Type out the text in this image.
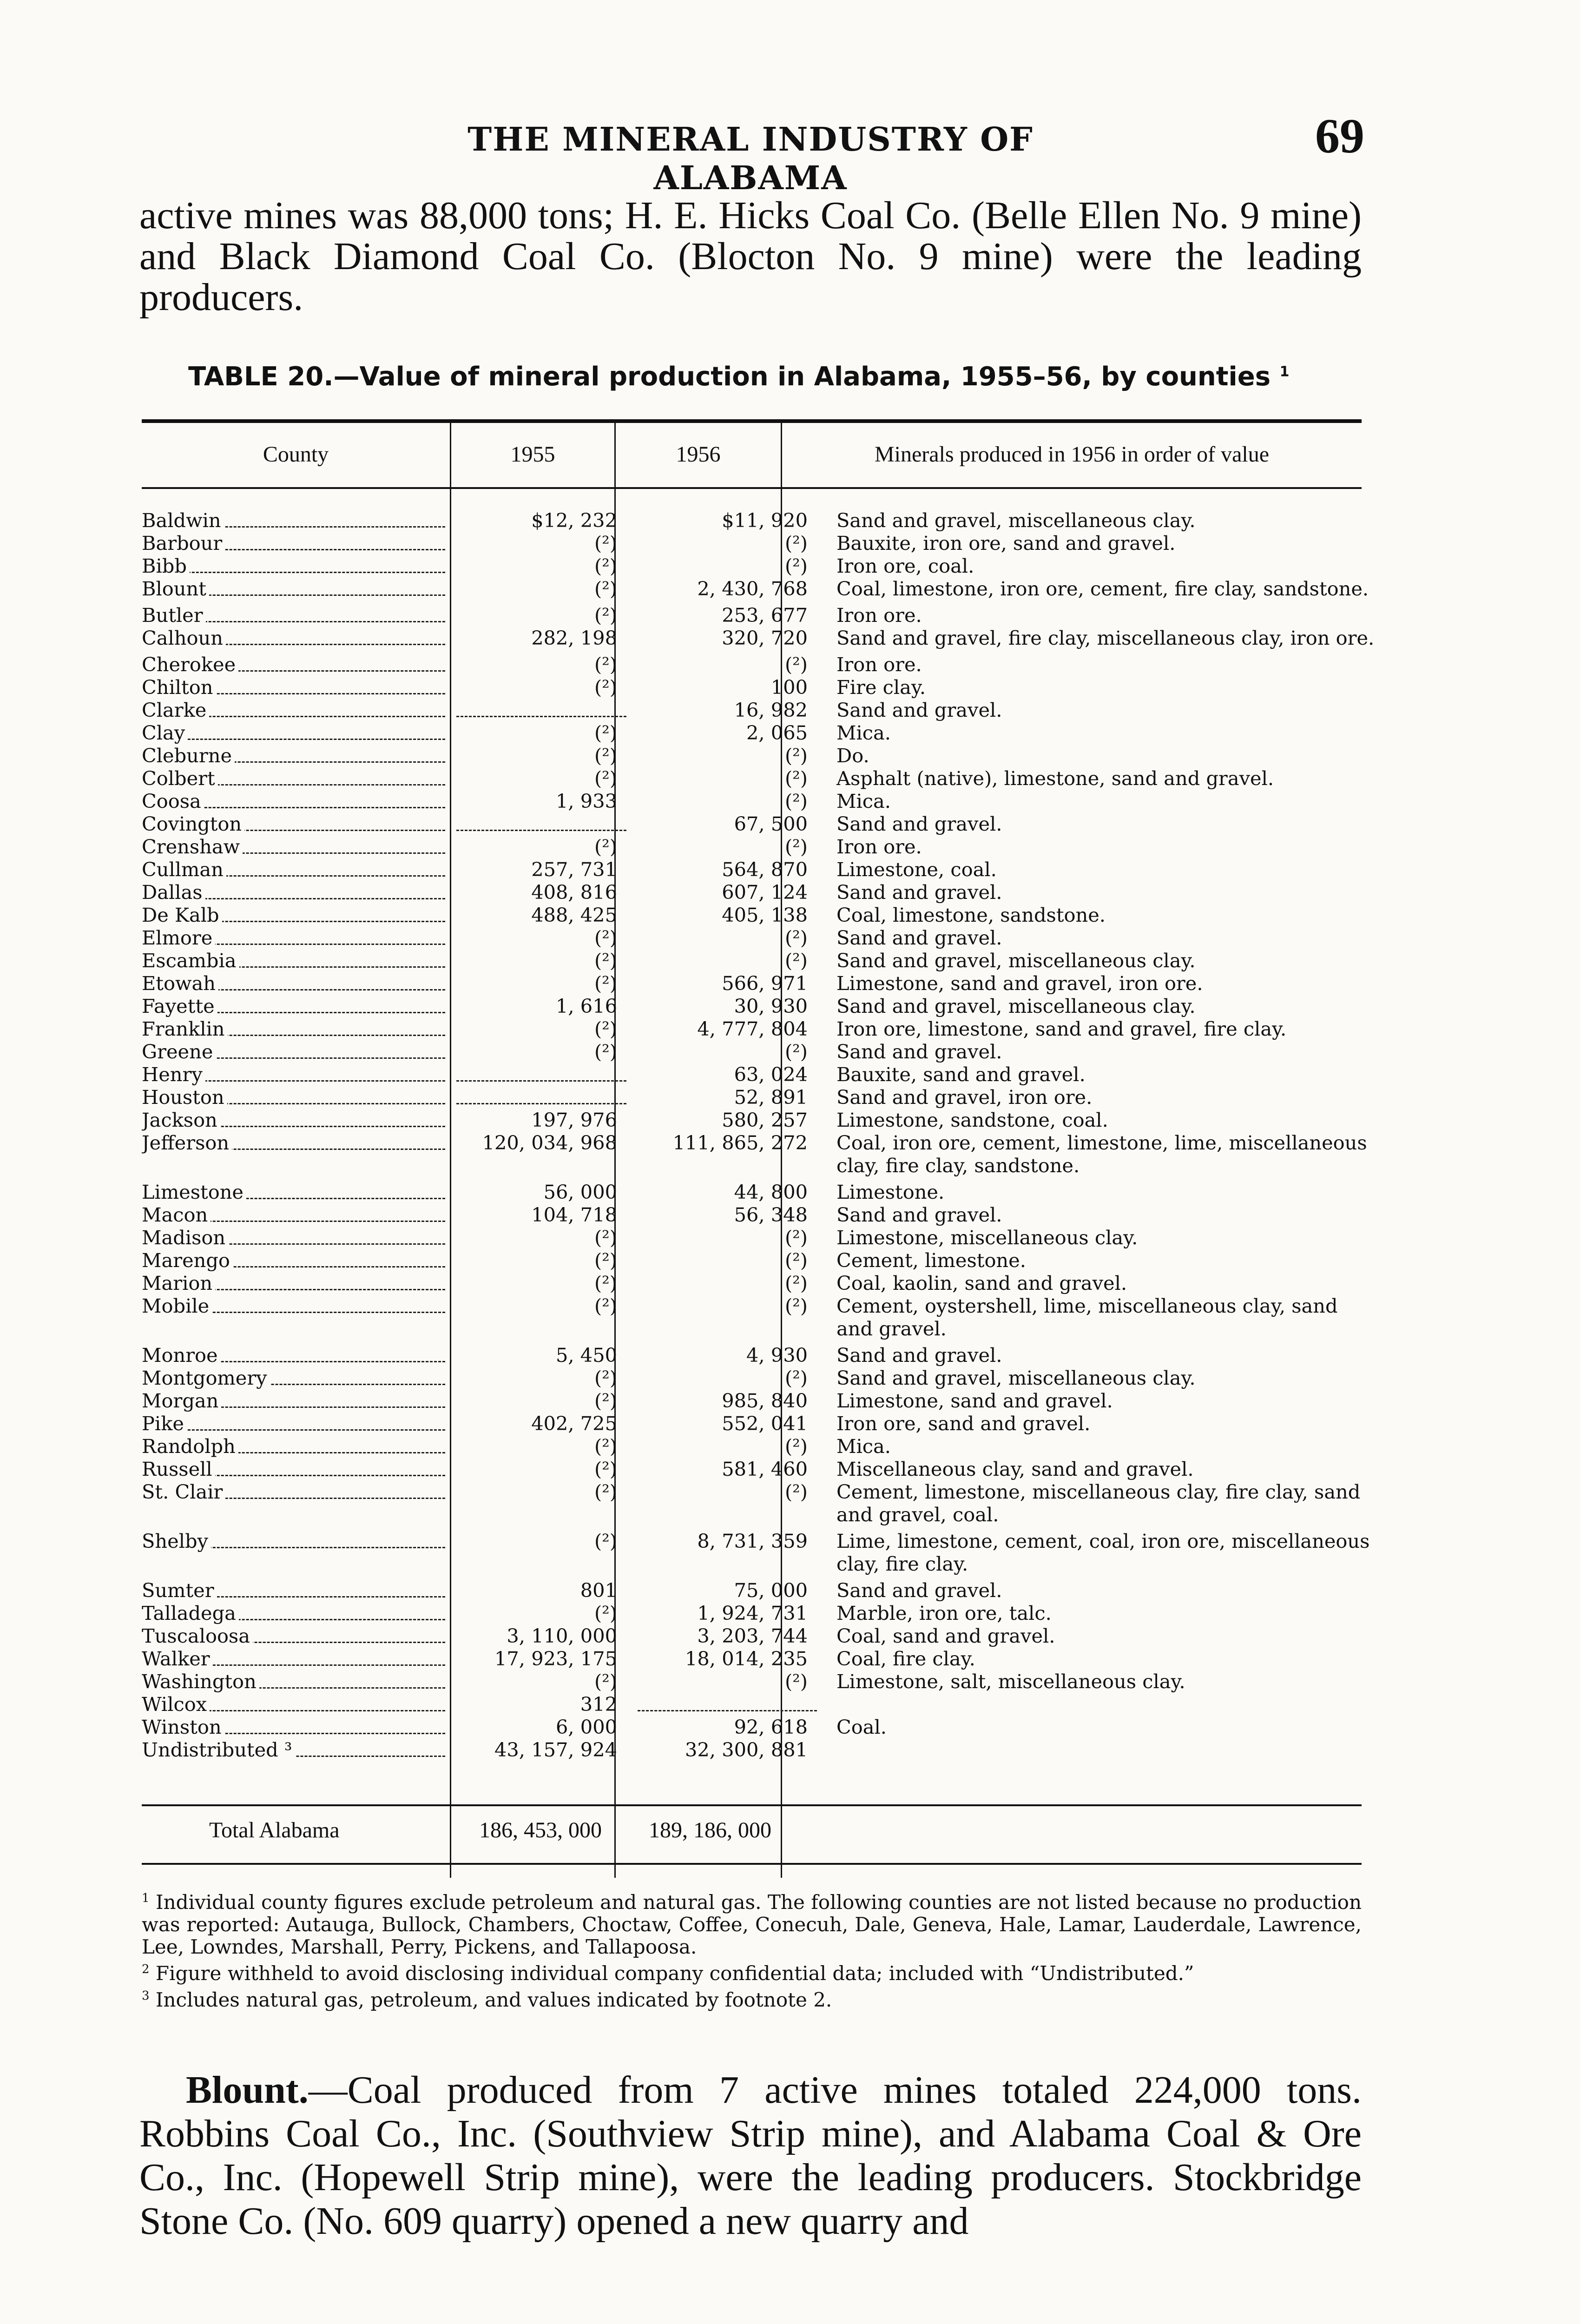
THE MINERAL INDUSTRY OF ALABAMA
69
active mines was 88,000 tons; H. E. Hicks Coal Co. (Belle Ellen No. 9 mine) and Black Diamond Coal Co. (Blocton No. 9 mine) were the leading producers.
TABLE 20.—Value of mineral production in Alabama, 1955–56, by counties $^1$
County	1955	1956	Minerals produced in 1956 in order of value
Baldwin	$12, 232	$11, 920	Sand and gravel, miscellaneous clay.
Barbour	(²)	(²)	Bauxite, iron ore, sand and gravel.
Bibb	(²)	(²)	Iron ore, coal.
Blount	(²)	2, 430, 768	Coal, limestone, iron ore, cement, fire clay, sandstone.

Butler	(²)	253, 677	Iron ore.
Calhoun	282, 198	320, 720	Sand and gravel, fire clay, miscellaneous clay, iron ore.

Cherokee	(²)	(²)	Iron ore.
Chilton	(²)	100	Fire clay.
Clarke		16, 982	Sand and gravel.
Clay	(²)	2, 065	Mica.
Cleburne	(²)	(²)	Do.
Colbert	(²)	(²)	Asphalt (native), limestone, sand and gravel.
Coosa	1, 933	(²)	Mica.
Covington		67, 500	Sand and gravel.
Crenshaw	(²)	(²)	Iron ore.
Cullman	257, 731	564, 870	Limestone, coal.
Dallas	408, 816	607, 124	Sand and gravel.
De Kalb	488, 425	405, 138	Coal, limestone, sandstone.
Elmore	(²)	(²)	Sand and gravel.
Escambia	(²)	(²)	Sand and gravel, miscellaneous clay.
Etowah	(²)	566, 971	Limestone, sand and gravel, iron ore.
Fayette	1, 616	30, 930	Sand and gravel, miscellaneous clay.
Franklin	(²)	4, 777, 804	Iron ore, limestone, sand and gravel, fire clay.
Greene	(²)	(²)	Sand and gravel.
Henry		63, 024	Bauxite, sand and gravel.
Houston		52, 891	Sand and gravel, iron ore.
Jackson	197, 976	580, 257	Limestone, sandstone, coal.
Jefferson	120, 034, 968	111, 865, 272	Coal, iron ore, cement, limestone, lime, miscellaneous clay, fire clay, sandstone.

Limestone	56, 000	44, 800	Limestone.
Macon	104, 718	56, 348	Sand and gravel.
Madison	(²)	(²)	Limestone, miscellaneous clay.
Marengo	(²)	(²)	Cement, limestone.
Marion	(²)	(²)	Coal, kaolin, sand and gravel.
Mobile	(²)	(²)	Cement, oystershell, lime, miscellaneous clay, sand and gravel.

Monroe	5, 450	4, 930	Sand and gravel.
Montgomery	(²)	(²)	Sand and gravel, miscellaneous clay.
Morgan	(²)	985, 840	Limestone, sand and gravel.
Pike	402, 725	552, 041	Iron ore, sand and gravel.
Randolph	(²)	(²)	Mica.
Russell	(²)	581, 460	Miscellaneous clay, sand and gravel.
St. Clair	(²)	(²)	Cement, limestone, miscellaneous clay, fire clay, sand and gravel, coal.

Shelby	(²)	8, 731, 359	Lime, limestone, cement, coal, iron ore, miscellaneous clay, fire clay.

Sumter	801	75, 000	Sand and gravel.
Talladega	(²)	1, 924, 731	Marble, iron ore, talc.
Tuscaloosa	3, 110, 000	3, 203, 744	Coal, sand and gravel.
Walker	17, 923, 175	18, 014, 235	Coal, fire clay.
Washington	(²)	(²)	Limestone, salt, miscellaneous clay.
Wilcox	312		
Winston	6, 000	92, 618	Coal.
Undistributed ³	43, 157, 924	32, 300, 881	
Total Alabama	186, 453, 000	189, 186, 000

$^1$ Individual county figures exclude petroleum and natural gas. The following counties are not listed because no production was reported: Autauga, Bullock, Chambers, Choctaw, Coffee, Conecuh, Dale, Geneva, Hale, Lamar, Lauderdale, Lawrence, Lee, Lowndes, Marshall, Perry, Pickens, and Tallapoosa.

$^2$ Figure withheld to avoid disclosing individual company confidential data; included with “Undistributed.”

$^3$ Includes natural gas, petroleum, and values indicated by footnote 2.

Blount.—Coal produced from 7 active mines totaled 224,000 tons. Robbins Coal Co., Inc. (Southview Strip mine), and Alabama Coal & Ore Co., Inc. (Hopewell Strip mine), were the leading producers. Stockbridge Stone Co. (No. 609 quarry) opened a new quarry and
